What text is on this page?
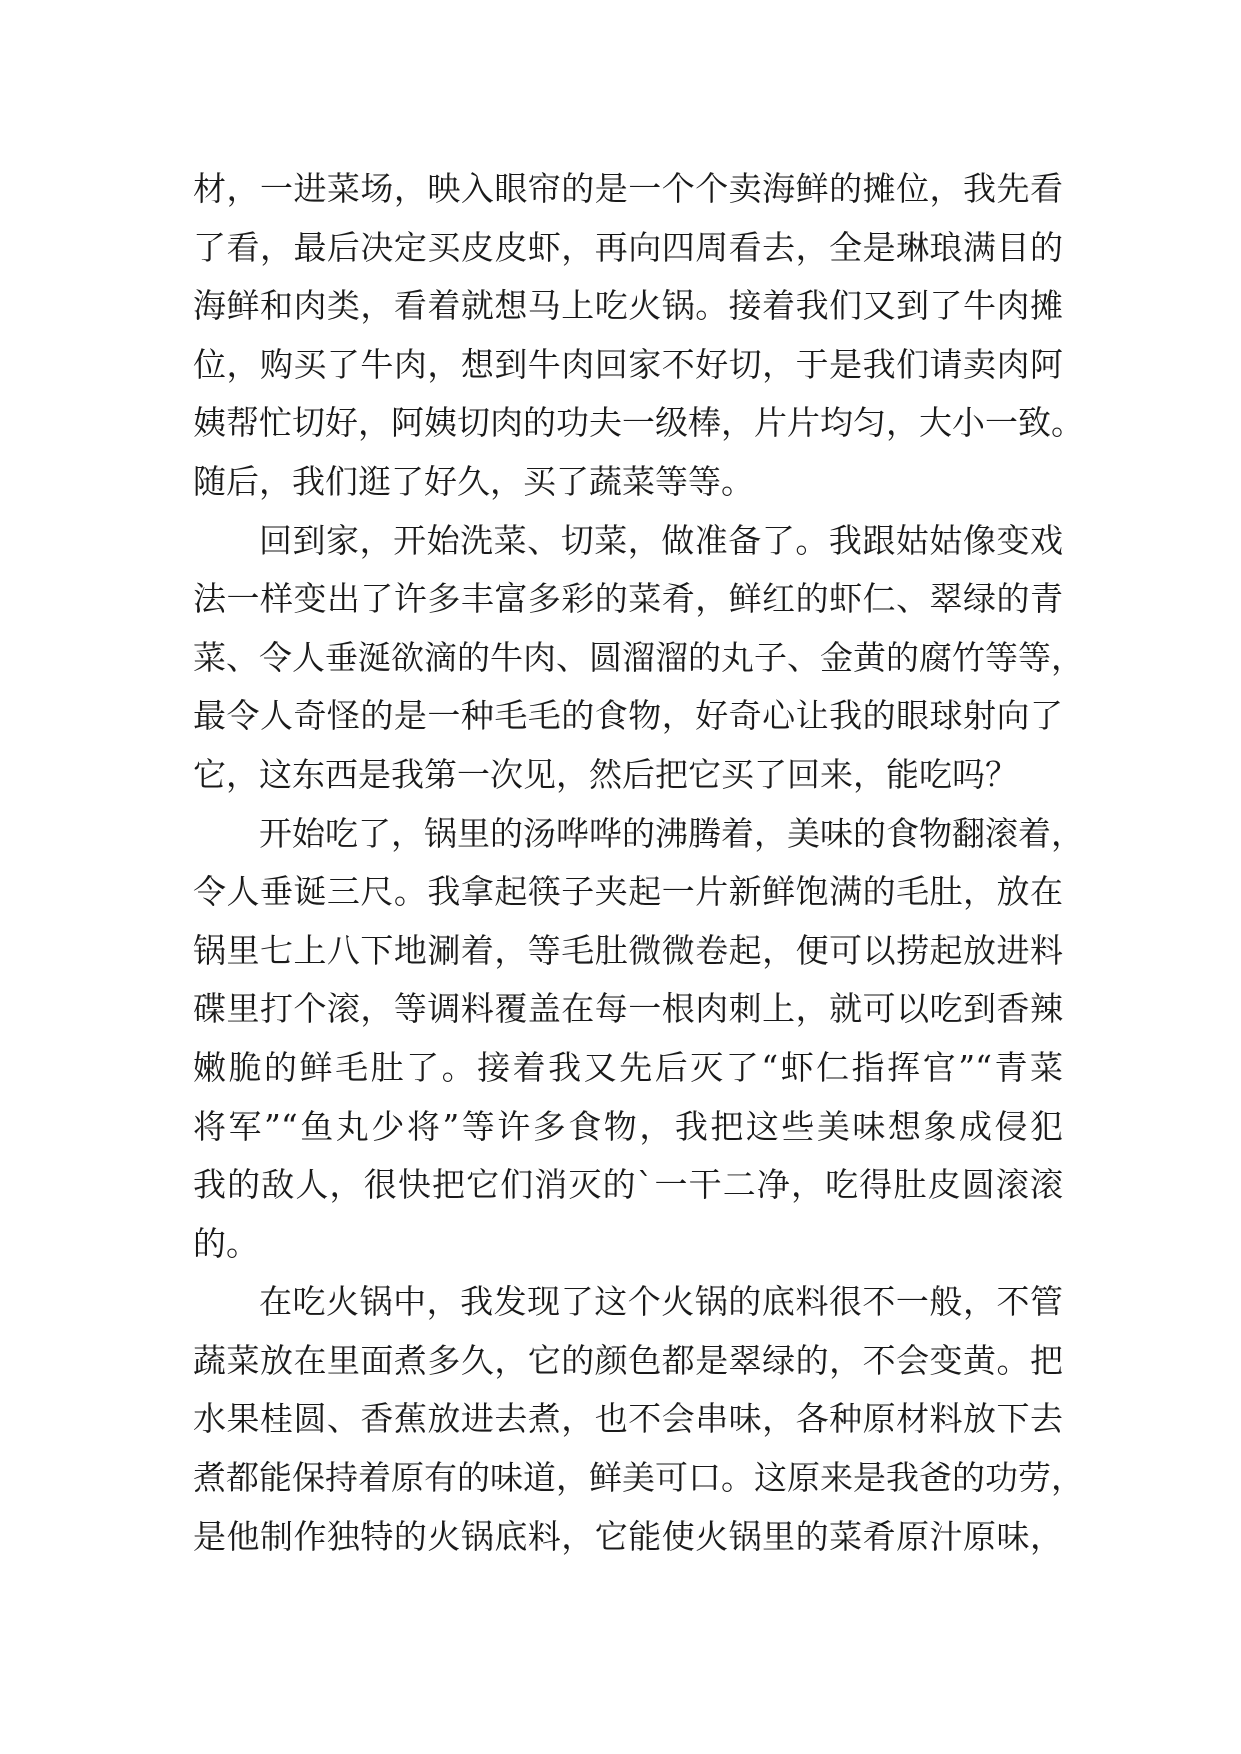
材，一进菜场，映入眼帘的是一个个卖海鲜的摊位，我先看
了看，最后决定买皮皮虾，再向四周看去，全是琳琅满目的
海鲜和肉类，看着就想马上吃火锅。接着我们又到了牛肉摊
位，购买了牛肉，想到牛肉回家不好切，于是我们请卖肉阿
姨帮忙切好，阿姨切肉的功夫一级棒，片片均匀，大小一致。
随后，我们逛了好久，买了蔬菜等等。
回到家，开始洗菜、切菜，做准备了。我跟姑姑像变戏
法一样变出了许多丰富多彩的菜肴，鲜红的虾仁、翠绿的青
菜、令人垂涎欲滴的牛肉、圆溜溜的丸子、金黄的腐竹等等，
最令人奇怪的是一种毛毛的食物，好奇心让我的眼球射向了
它，这东西是我第一次见，然后把它买了回来，能吃吗？
开始吃了，锅里的汤哗哗的沸腾着，美味的食物翻滚着，
令人垂诞三尺。我拿起筷子夹起一片新鲜饱满的毛肚，放在
锅里七上八下地涮着，等毛肚微微卷起，便可以捞起放进料
碟里打个滚，等调料覆盖在每一根肉刺上，就可以吃到香辣
嫩脆的鲜毛肚了。接着我又先后灭了“虾仁指挥官”“青菜
将军”“鱼丸少将”等许多食物，我把这些美味想象成侵犯
我的敌人，很快把它们消灭的`一干二净，吃得肚皮圆滚滚
的。
在吃火锅中，我发现了这个火锅的底料很不一般，不管
蔬菜放在里面煮多久，它的颜色都是翠绿的，不会变黄。把
水果桂圆、香蕉放进去煮，也不会串味，各种原材料放下去
煮都能保持着原有的味道，鲜美可口。这原来是我爸的功劳，
是他制作独特的火锅底料，它能使火锅里的菜肴原汁原味，
